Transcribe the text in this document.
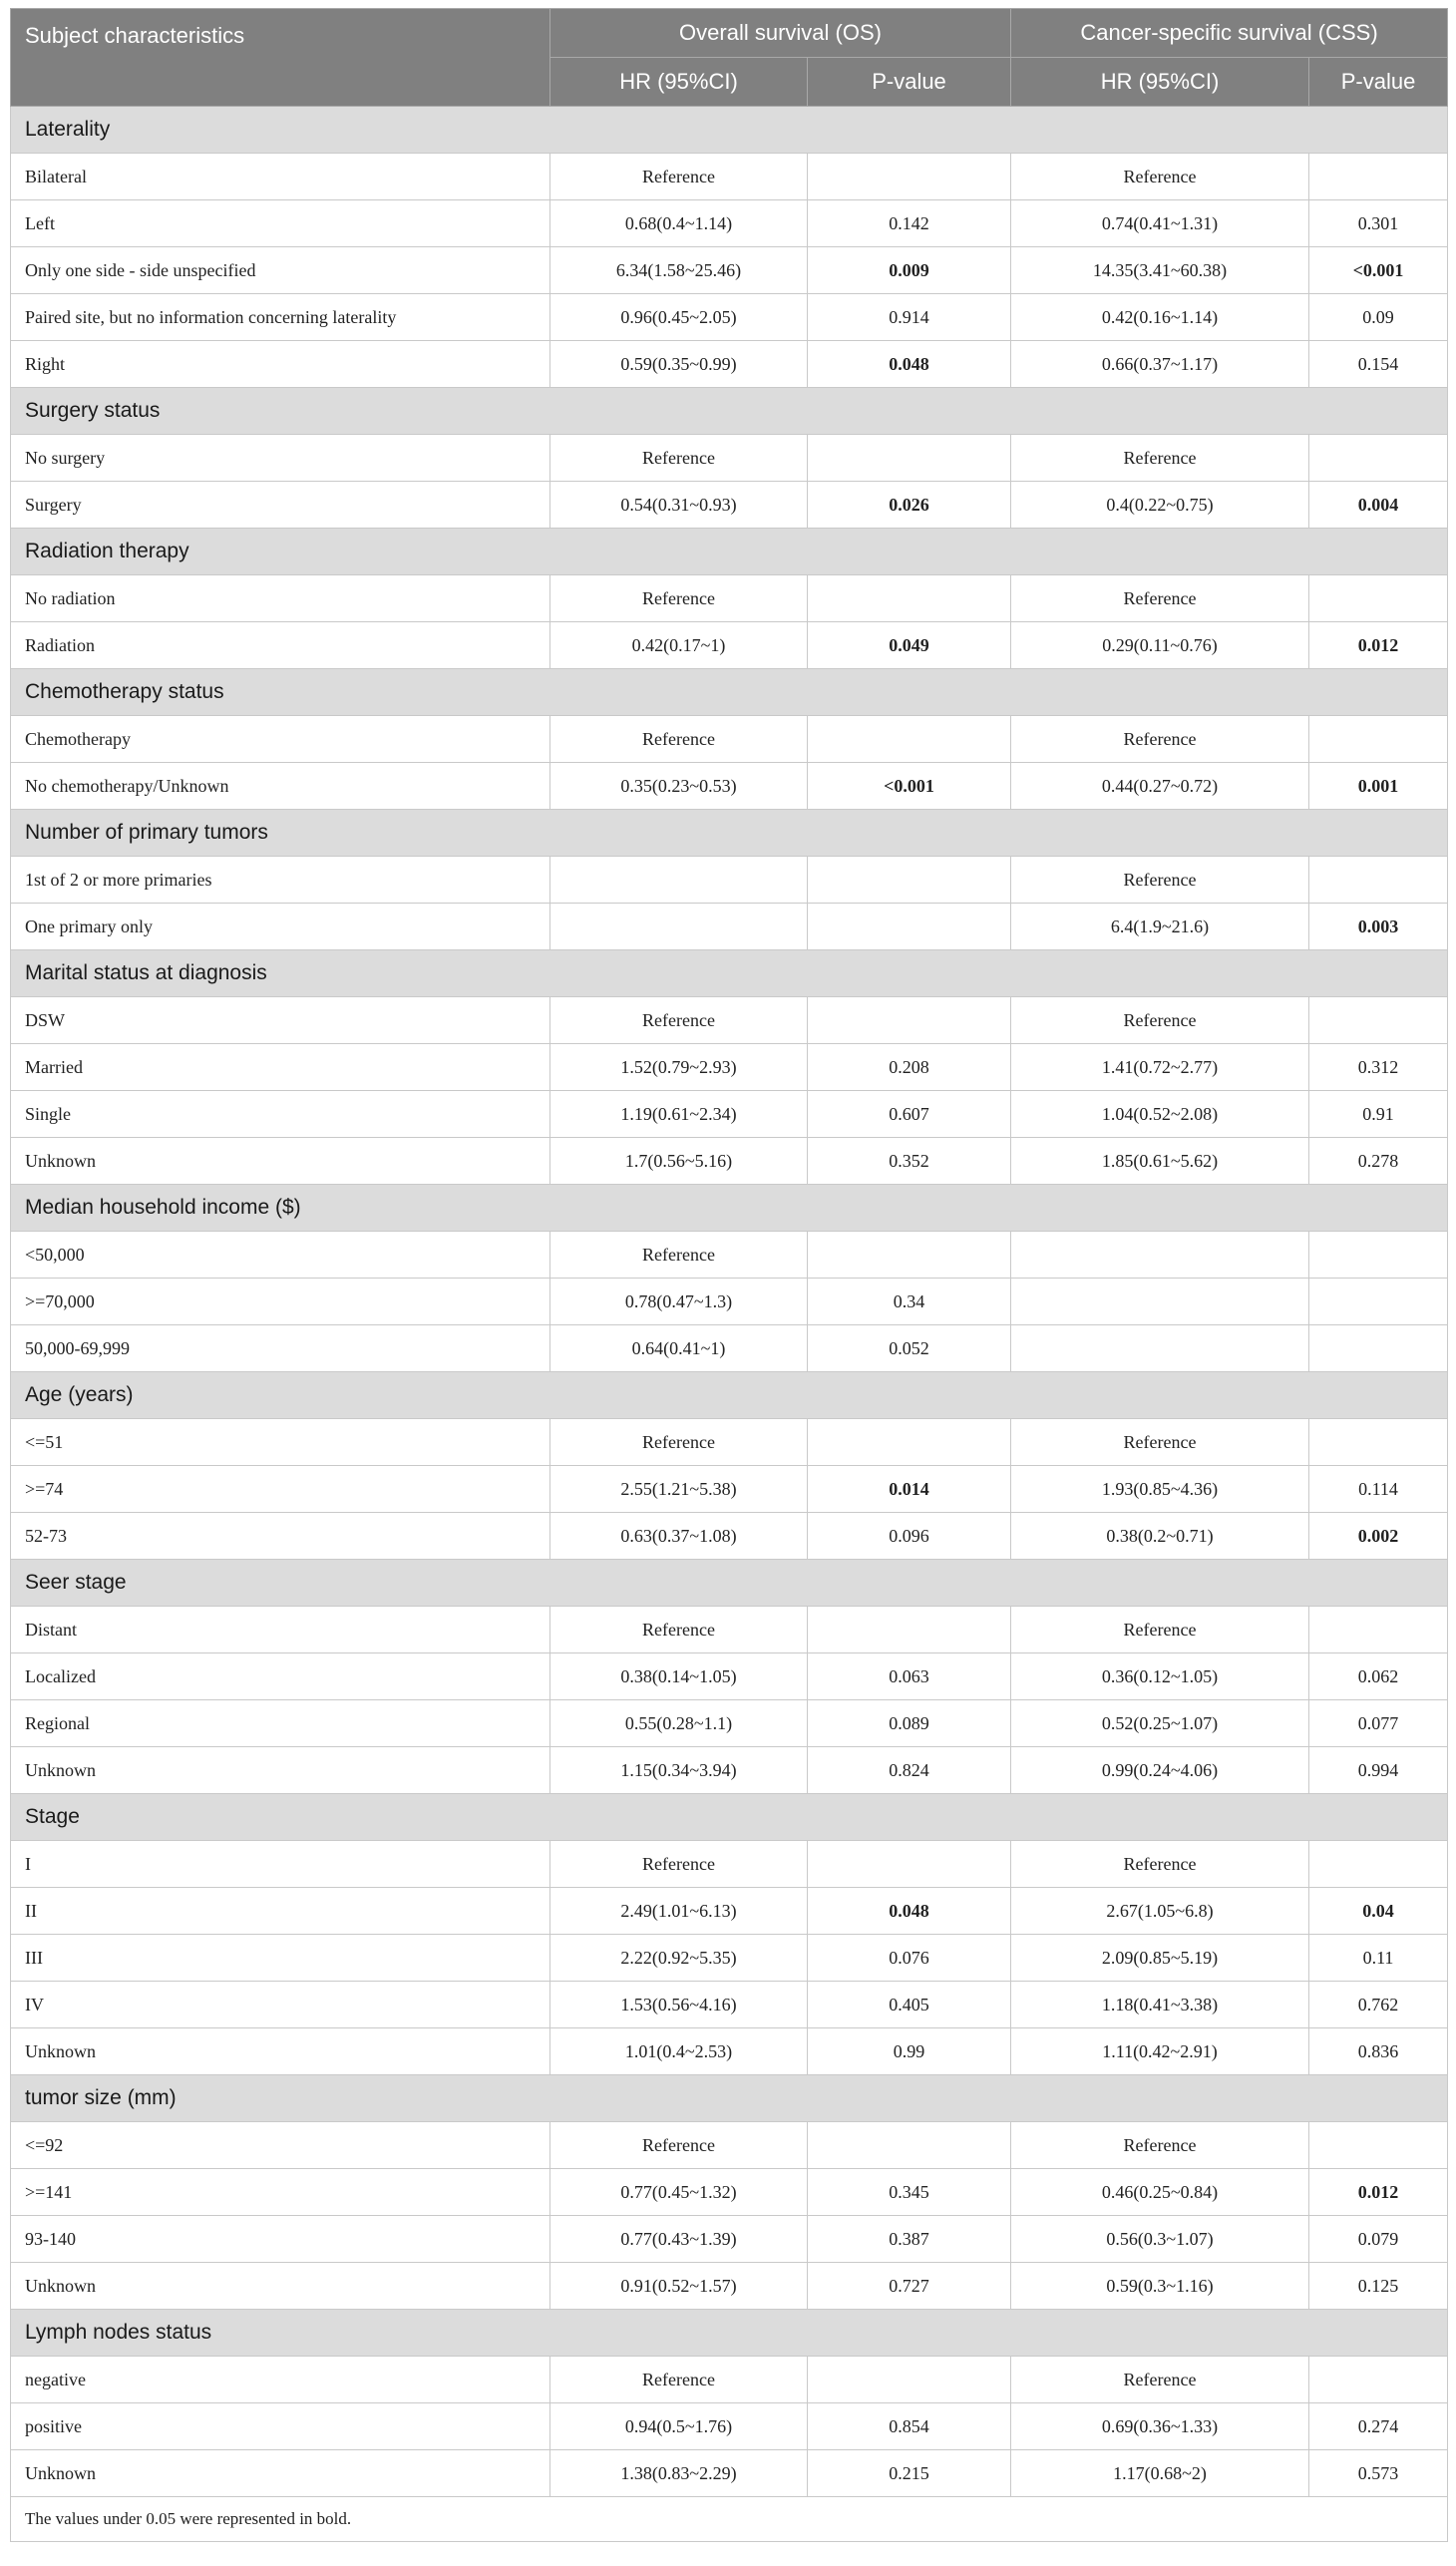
Subject characteristics	Overall survival (OS)		Cancer-specific survival (CSS)	
	HR (95%CI)	P-value	HR (95%CI)	P-value
Laterality				
Bilateral	Reference		Reference	
Left	0.68(0.4~1.14)	0.142	0.74(0.41~1.31)	0.301
Only one side - side unspecified	6.34(1.58~25.46)	0.009	14.35(3.41~60.38)	<0.001
Paired site, but no information concerning laterality	0.96(0.45~2.05)	0.914	0.42(0.16~1.14)	0.09
Right	0.59(0.35~0.99)	0.048	0.66(0.37~1.17)	0.154
Surgery status				
No surgery	Reference		Reference	
Surgery	0.54(0.31~0.93)	0.026	0.4(0.22~0.75)	0.004
Radiation therapy				
No radiation	Reference		Reference	
Radiation	0.42(0.17~1)	0.049	0.29(0.11~0.76)	0.012
Chemotherapy status				
Chemotherapy	Reference		Reference	
No chemotherapy/Unknown	0.35(0.23~0.53)	<0.001	0.44(0.27~0.72)	0.001
Number of primary tumors				
1st of 2 or more primaries			Reference	
One primary only			6.4(1.9~21.6)	0.003
Marital status at diagnosis				
DSW	Reference		Reference	
Married	1.52(0.79~2.93)	0.208	1.41(0.72~2.77)	0.312
Single	1.19(0.61~2.34)	0.607	1.04(0.52~2.08)	0.91
Unknown	1.7(0.56~5.16)	0.352	1.85(0.61~5.62)	0.278
Median household income ($)				
<50,000	Reference			
>=70,000	0.78(0.47~1.3)	0.34		
50,000-69,999	0.64(0.41~1)	0.052		
Age (years)				
<=51	Reference		Reference	
>=74	2.55(1.21~5.38)	0.014	1.93(0.85~4.36)	0.114
52-73	0.63(0.37~1.08)	0.096	0.38(0.2~0.71)	0.002
Seer stage				
Distant	Reference		Reference	
Localized	0.38(0.14~1.05)	0.063	0.36(0.12~1.05)	0.062
Regional	0.55(0.28~1.1)	0.089	0.52(0.25~1.07)	0.077
Unknown	1.15(0.34~3.94)	0.824	0.99(0.24~4.06)	0.994
Stage				
I	Reference		Reference	
II	2.49(1.01~6.13)	0.048	2.67(1.05~6.8)	0.04
III	2.22(0.92~5.35)	0.076	2.09(0.85~5.19)	0.11
IV	1.53(0.56~4.16)	0.405	1.18(0.41~3.38)	0.762
Unknown	1.01(0.4~2.53)	0.99	1.11(0.42~2.91)	0.836
tumor size (mm)				
<=92	Reference		Reference	
>=141	0.77(0.45~1.32)	0.345	0.46(0.25~0.84)	0.012
93-140	0.77(0.43~1.39)	0.387	0.56(0.3~1.07)	0.079
Unknown	0.91(0.52~1.57)	0.727	0.59(0.3~1.16)	0.125
Lymph nodes status				
negative	Reference		Reference	
positive	0.94(0.5~1.76)	0.854	0.69(0.36~1.33)	0.274
Unknown	1.38(0.83~2.29)	0.215	1.17(0.68~2)	0.573
The values under 0.05 were represented in bold.				
